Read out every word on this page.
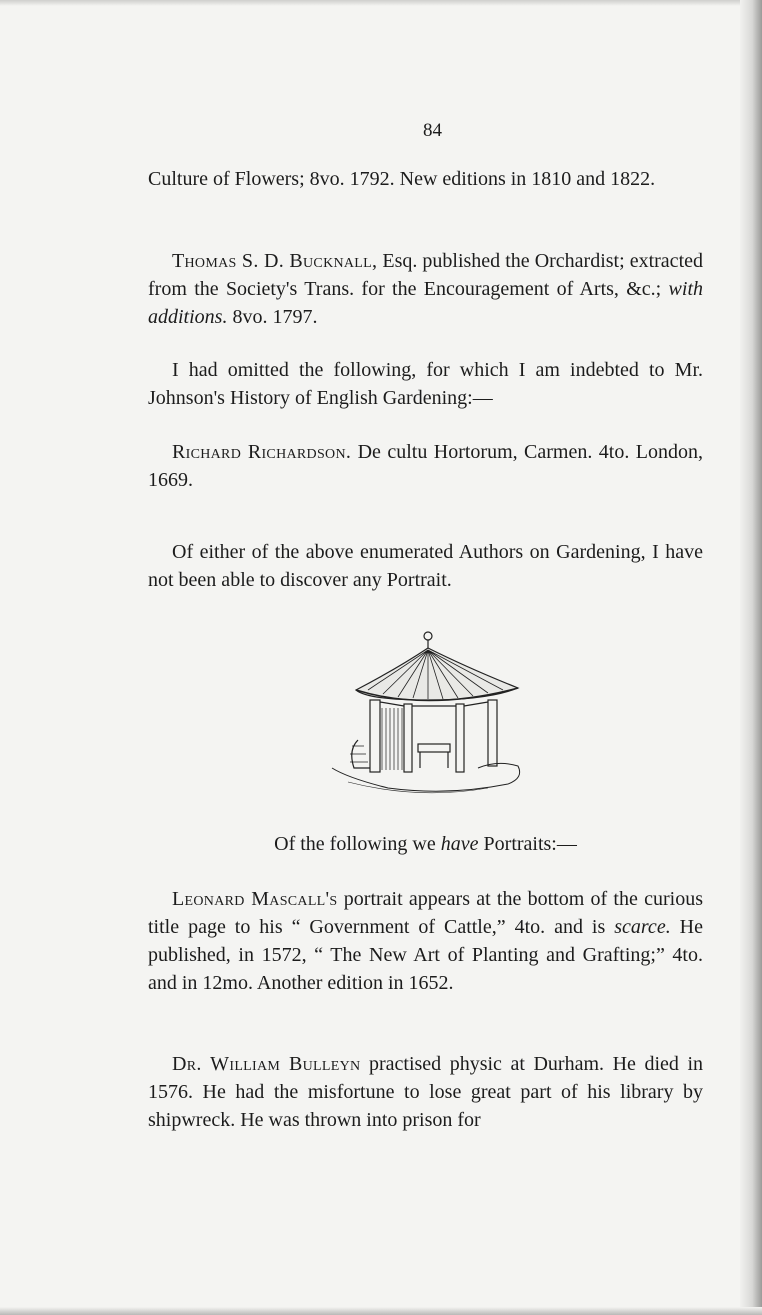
84

Culture of Flowers; 8vo. 1792. New editions in 1810 and 1822.

Thomas S. D. Bucknall, Esq. published the Orchardist; extracted from the Society's Trans. for the Encouragement of Arts, &c.; with additions. 8vo. 1797.

I had omitted the following, for which I am indebted to Mr. Johnson's History of English Gardening:—

Richard Richardson. De cultu Hortorum, Carmen. 4to. London, 1669.

Of either of the above enumerated Authors on Gardening, I have not been able to discover any Portrait.

Of the following we have Portraits:—

Leonard Mascall's portrait appears at the bottom of the curious title page to his “ Government of Cattle,” 4to. and is scarce. He published, in 1572, “ The New Art of Planting and Grafting;” 4to. and in 12mo. Another edition in 1652.

Dr. William Bulleyn practised physic at Durham. He died in 1576. He had the misfortune to lose great part of his library by shipwreck. He was thrown into prison for
